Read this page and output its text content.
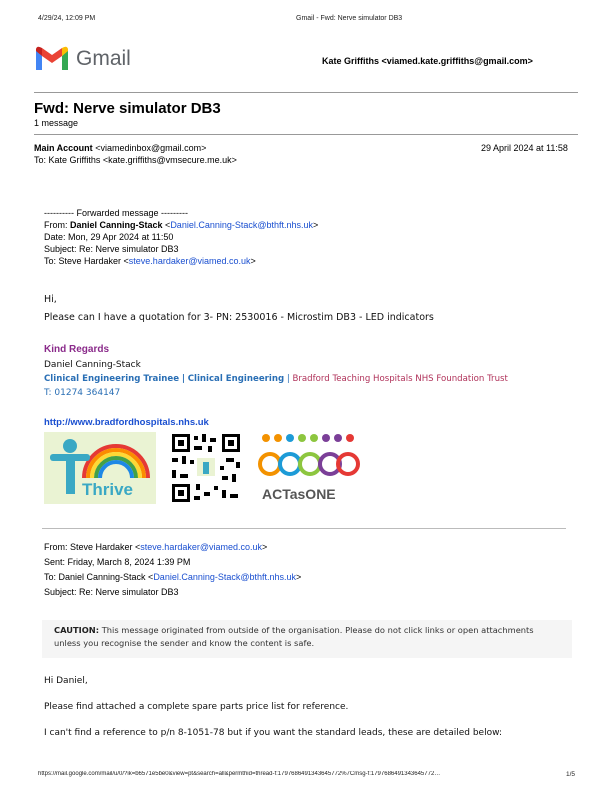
4/29/24, 12:09 PM	Gmail - Fwd: Nerve simulator DB3
Gmail	Kate Griffiths <viamed.kate.griffiths@gmail.com>
Fwd: Nerve simulator DB3
1 message
Main Account <viamedinbox@gmail.com>	29 April 2024 at 11:58
To: Kate Griffiths <kate.griffiths@vmsecure.me.uk>
---------- Forwarded message ---------
From: Daniel Canning-Stack <Daniel.Canning-Stack@bthft.nhs.uk>
Date: Mon, 29 Apr 2024 at 11:50
Subject: Re: Nerve simulator DB3
To: Steve Hardaker <steve.hardaker@viamed.co.uk>
Hi,
Please can I have a quotation for 3- PN: 2530016 - Microstim DB3 - LED indicators
Kind Regards
Daniel Canning-Stack
Clinical Engineering Trainee | Clinical Engineering | Bradford Teaching Hospitals NHS Foundation Trust
T: 01274 364147
http://www.bradfordhospitals.nhs.uk
Thrive	ACTasONE
From: Steve Hardaker <steve.hardaker@viamed.co.uk>
Sent: Friday, March 8, 2024 1:39 PM
To: Daniel Canning-Stack <Daniel.Canning-Stack@bthft.nhs.uk>
Subject: Re: Nerve simulator DB3
CAUTION: This message originated from outside of the organisation. Please do not click links or open attachments
unless you recognise the sender and know the content is safe.
Hi Daniel,
Please find attached a complete spare parts price list for reference.
I can't find a reference to p/n 8-1051-78 but if you want the standard leads, these are detailed below:
https://mail.google.com/mail/u/0/?ik=b6571e5be0&view=pt&search=all&permthid=thread-f:1797686491343645772%7Cmsg-f:1797686491343645772…	1/5
